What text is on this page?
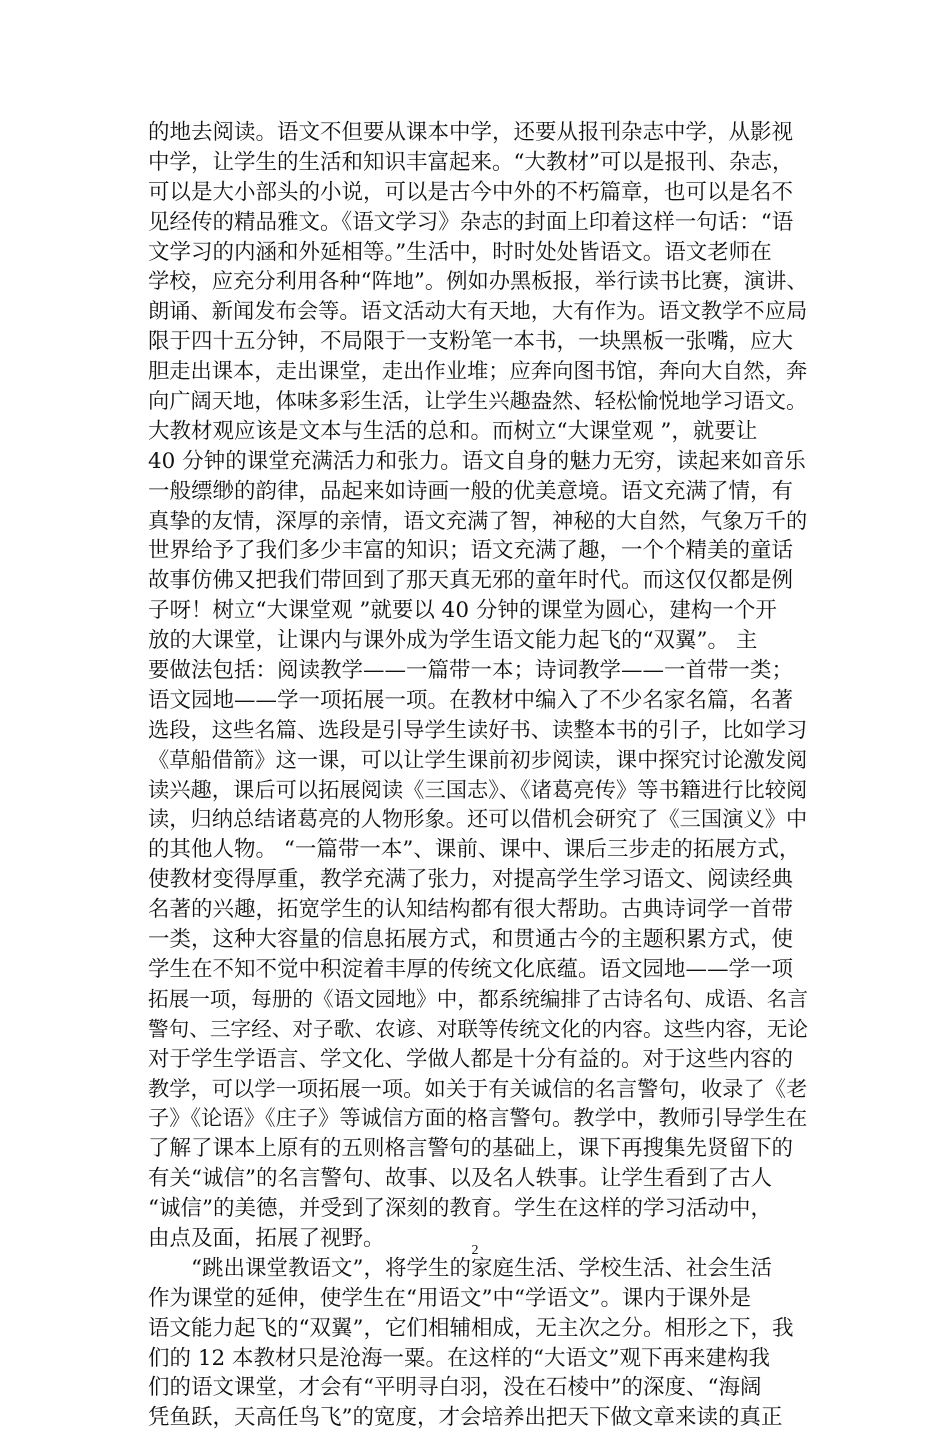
的地去阅读。语文不但要从课本中学，还要从报刊杂志中学，从影视
中学，让学生的生活和知识丰富起来。“大教材”可以是报刊、杂志，
可以是大小部头的小说，可以是古今中外的不朽篇章，也可以是名不
见经传的精品雅文。《语文学习》杂志的封面上印着这样一句话：“语
文学习的内涵和外延相等。”生活中，时时处处皆语文。语文老师在
学校，应充分利用各种“阵地”。例如办黑板报，举行读书比赛，演讲、
朗诵、新闻发布会等。语文活动大有天地，大有作为。语文教学不应局
限于四十五分钟，不局限于一支粉笔一本书，一块黑板一张嘴，应大
胆走出课本，走出课堂，走出作业堆；应奔向图书馆，奔向大自然，奔
向广阔天地，体味多彩生活，让学生兴趣盎然、轻松愉悦地学习语文。
大教材观应该是文本与生活的总和。而树立“大课堂观 ”，就要让
40 分钟的课堂充满活力和张力。语文自身的魅力无穷，读起来如音乐
一般缥缈的韵律，品起来如诗画一般的优美意境。语文充满了情，有
真挚的友情，深厚的亲情，语文充满了智，神秘的大自然，气象万千的
世界给予了我们多少丰富的知识；语文充满了趣，一个个精美的童话
故事仿佛又把我们带回到了那天真无邪的童年时代。而这仅仅都是例
子呀！树立“大课堂观 ”就要以 40 分钟的课堂为圆心，建构一个开
放的大课堂，让课内与课外成为学生语文能力起飞的“双翼”。 主
要做法包括：阅读教学——一篇带一本；诗词教学——一首带一类；
语文园地——学一项拓展一项。在教材中编入了不少名家名篇，名著
选段，这些名篇、选段是引导学生读好书、读整本书的引子，比如学习
《草船借箭》这一课，可以让学生课前初步阅读，课中探究讨论激发阅
读兴趣，课后可以拓展阅读《三国志》、《诸葛亮传》等书籍进行比较阅
读，归纳总结诸葛亮的人物形象。还可以借机会研究了《三国演义》中
的其他人物。 “一篇带一本”、课前、课中、课后三步走的拓展方式，
使教材变得厚重，教学充满了张力，对提高学生学习语文、阅读经典
名著的兴趣，拓宽学生的认知结构都有很大帮助。古典诗词学一首带
一类，这种大容量的信息拓展方式，和贯通古今的主题积累方式，使
学生在不知不觉中积淀着丰厚的传统文化底蕴。语文园地——学一项
拓展一项，每册的《语文园地》中，都系统编排了古诗名句、成语、名言
警句、三字经、对子歌、农谚、对联等传统文化的内容。这些内容，无论
对于学生学语言、学文化、学做人都是十分有益的。对于这些内容的
教学，可以学一项拓展一项。如关于有关诚信的名言警句，收录了《老
子》《论语》《庄子》等诚信方面的格言警句。教学中，教师引导学生在
了解了课本上原有的五则格言警句的基础上，课下再搜集先贤留下的
有关“诚信”的名言警句、故事、以及名人轶事。让学生看到了古人
“诚信”的美德，并受到了深刻的教育。学生在这样的学习活动中，
由点及面，拓展了视野。
“跳出课堂教语文”，将学生的家庭生活、学校生活、社会生活
作为课堂的延伸，使学生在“用语文”中“学语文”。课内于课外是
语文能力起飞的“双翼”，它们相辅相成，无主次之分。相形之下，我
们的 12 本教材只是沧海一粟。在这样的“大语文”观下再来建构我
们的语文课堂，才会有“平明寻白羽，没在石棱中”的深度、“海阔
凭鱼跃，天高任鸟飞”的宽度，才会培养出把天下做文章来读的真正
2
